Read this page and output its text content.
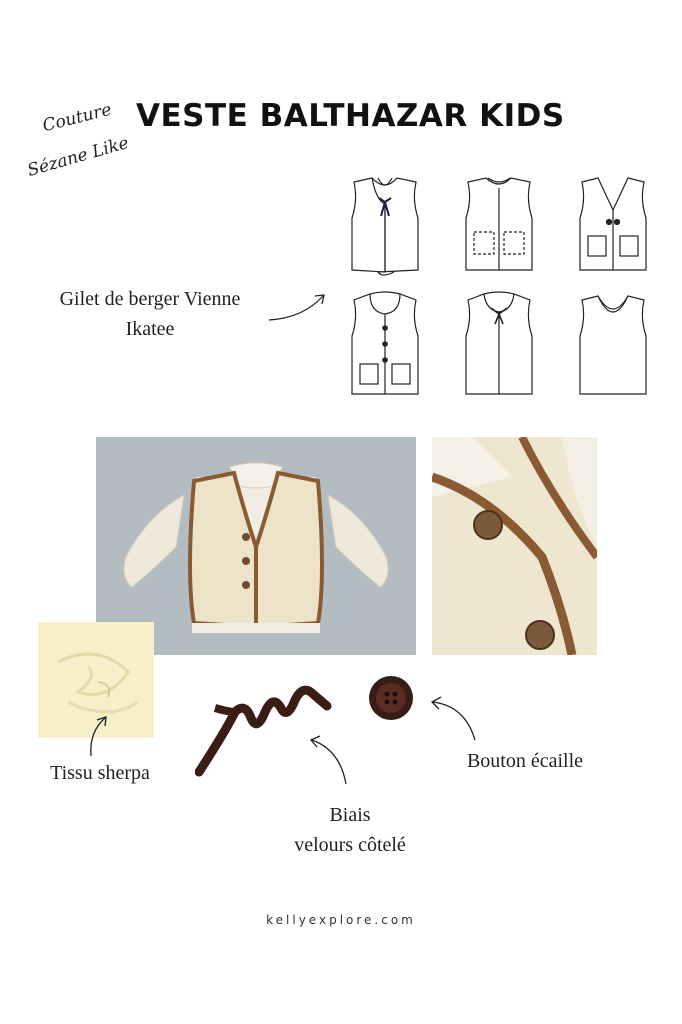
VESTE BALTHAZAR KIDS
Couture
Sézane Like
Gilet de berger Vienne
Ikatee
Tissu sherpa
Biais
velours côtelé
Bouton écaille
kellyexplore.com
